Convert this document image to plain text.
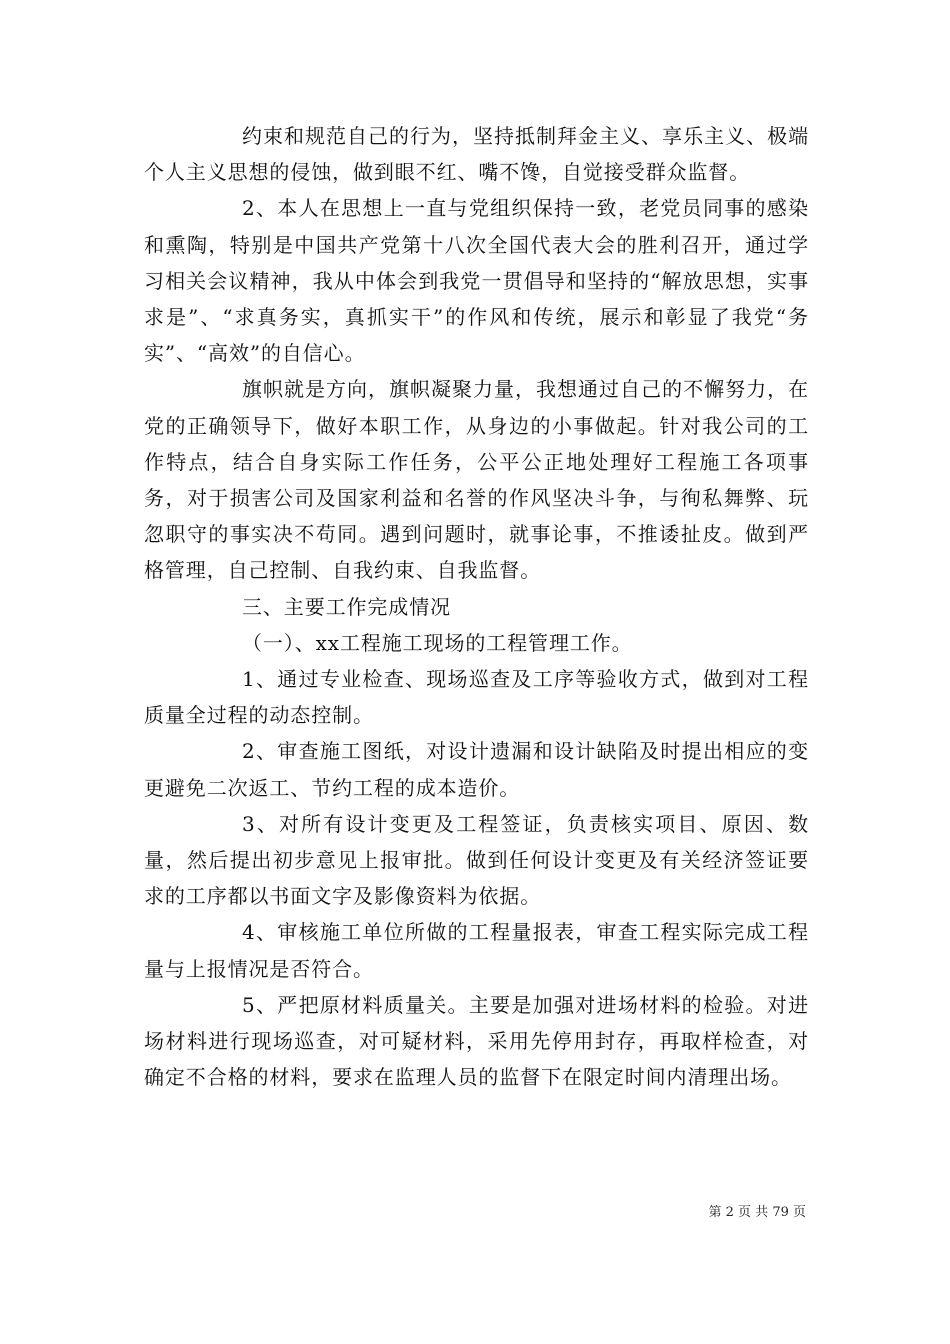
约束和规范自己的行为，坚持抵制拜金主义、享乐主义、极端个人主义思想的侵蚀，做到眼不红、嘴不馋，自觉接受群众监督。

2、本人在思想上一直与党组织保持一致，老党员同事的感染和熏陶，特别是中国共产党第十八次全国代表大会的胜利召开，通过学习相关会议精神，我从中体会到我党一贯倡导和坚持的“解放思想，实事求是”、“求真务实，真抓实干”的作风和传统，展示和彰显了我党“务实”、“高效”的自信心。

旗帜就是方向，旗帜凝聚力量，我想通过自己的不懈努力，在党的正确领导下，做好本职工作，从身边的小事做起。针对我公司的工作特点，结合自身实际工作任务，公平公正地处理好工程施工各项事务，对于损害公司及国家利益和名誉的作风坚决斗争，与徇私舞弊、玩忽职守的事实决不苟同。遇到问题时，就事论事，不推诿扯皮。做到严格管理，自己控制、自我约束、自我监督。

三、主要工作完成情况

（一）、xx工程施工现场的工程管理工作。

1、通过专业检查、现场巡查及工序等验收方式，做到对工程质量全过程的动态控制。

2、审查施工图纸，对设计遗漏和设计缺陷及时提出相应的变更避免二次返工、节约工程的成本造价。

3、对所有设计变更及工程签证，负责核实项目、原因、数量，然后提出初步意见上报审批。做到任何设计变更及有关经济签证要求的工序都以书面文字及影像资料为依据。

4、审核施工单位所做的工程量报表，审查工程实际完成工程量与上报情况是否符合。

5、严把原材料质量关。主要是加强对进场材料的检验。对进场材料进行现场巡查，对可疑材料，采用先停用封存，再取样检查，对确定不合格的材料，要求在监理人员的监督下在限定时间内清理出场。

第 2 页 共 79 页
